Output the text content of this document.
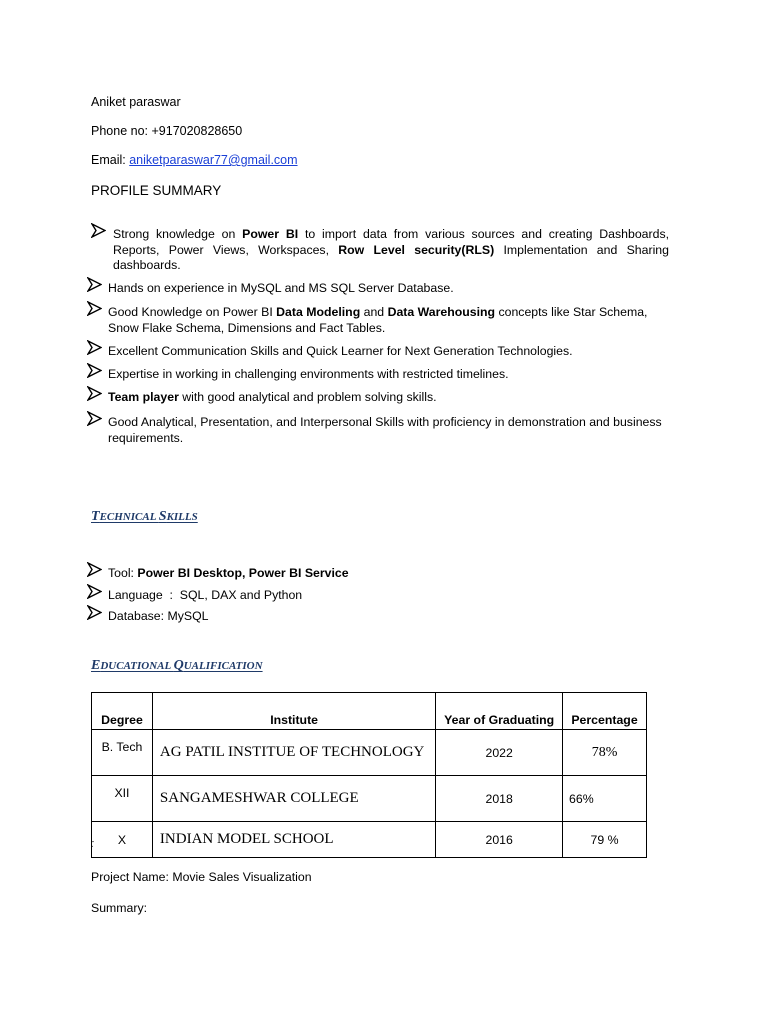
Aniket paraswar
Phone no: +917020828650
Email: aniketparaswar77@gmail.com
PROFILE SUMMARY
Strong knowledge on Power BI to import data from various sources and creating Dashboards, Reports, Power Views, Workspaces, Row Level security(RLS) Implementation and Sharing dashboards.
Hands on experience in MySQL and MS SQL Server Database.
Good Knowledge on Power BI Data Modeling and Data Warehousing concepts like Star Schema, Snow Flake Schema, Dimensions and Fact Tables.
Excellent Communication Skills and Quick Learner for Next Generation Technologies.
Expertise in working in challenging environments with restricted timelines.
Team player with good analytical and problem solving skills.
Good Analytical, Presentation, and Interpersonal Skills with proficiency in demonstration and business requirements.
TECHNICAL SKILLS
Tool: Power BI Desktop, Power BI Service
Language  :  SQL, DAX and Python
Database: MySQL
EDUCATIONAL QUALIFICATION
Degree	Institute	Year of Graduating	Percentage
B. Tech	AG PATIL INSTITUE OF TECHNOLOGY	2022	78%
XII	SANGAMESHWAR COLLEGE	2018	66%
X	INDIAN MODEL SCHOOL	2016	79 %
:
Project Name: Movie Sales Visualization
Summary:
